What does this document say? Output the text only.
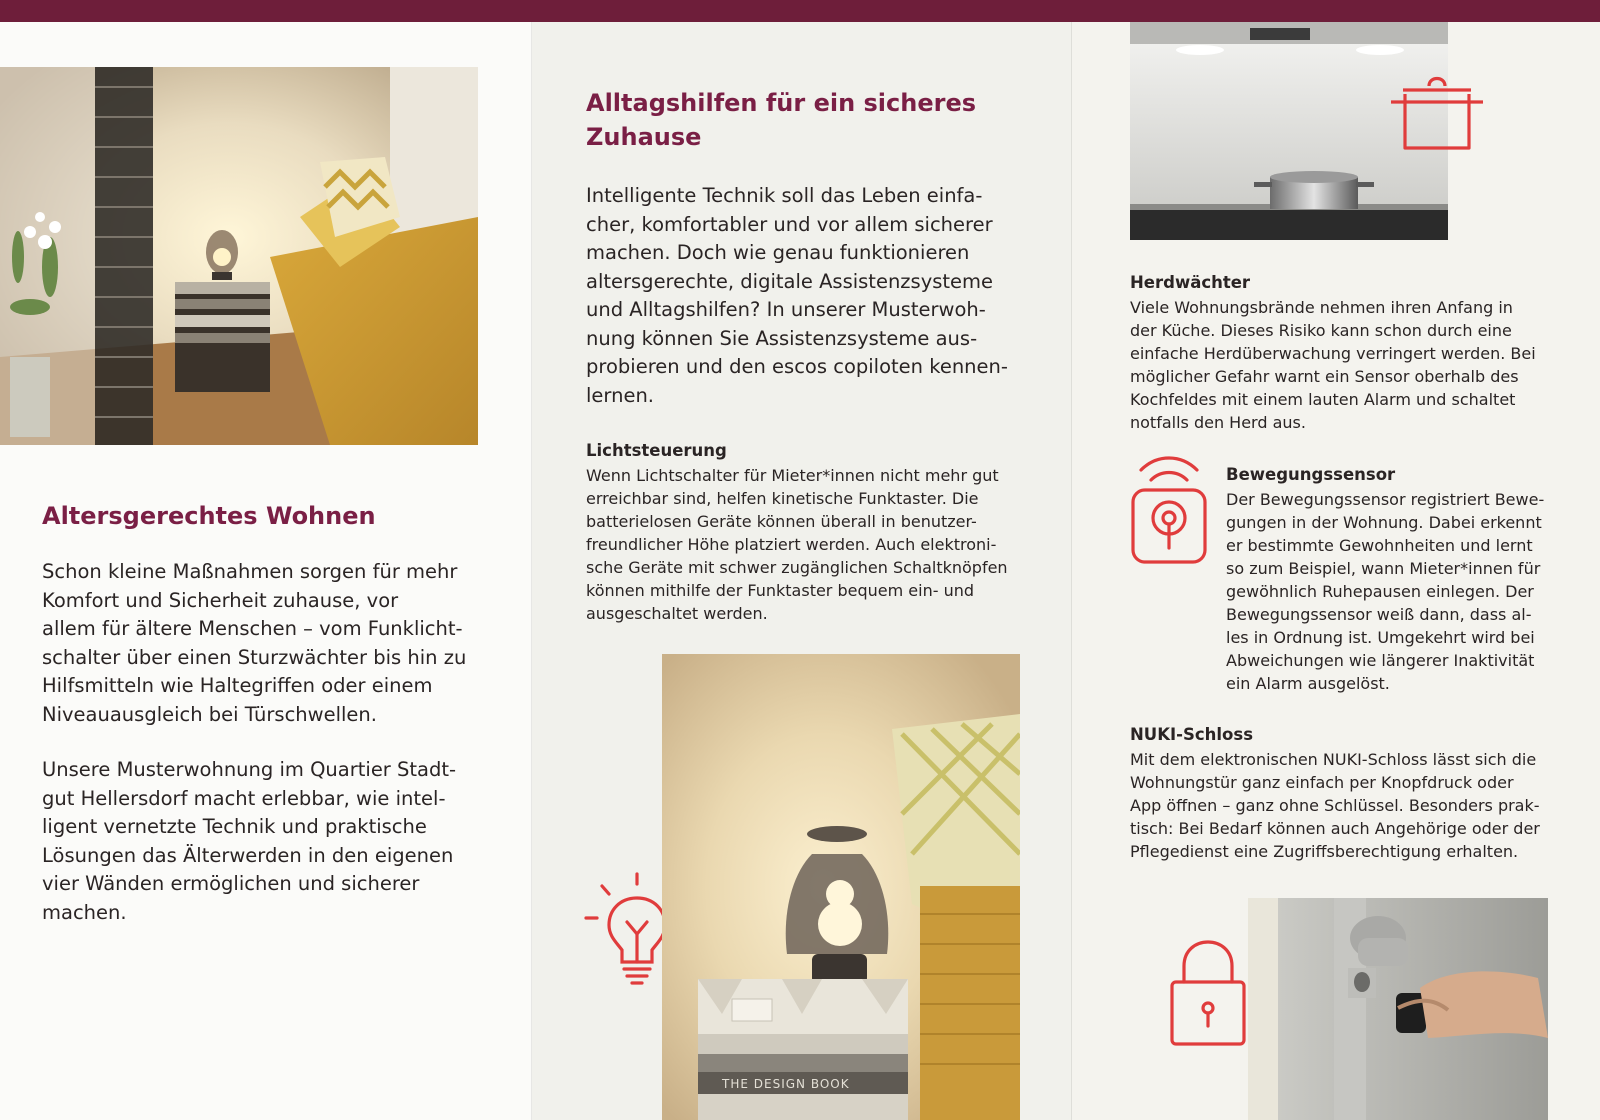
Altersgerechtes Wohnen
Schon kleine Maßnahmen sorgen für mehr
Komfort und Sicherheit zuhause, vor
allem für ältere Menschen – vom Funklicht-
schalter über einen Sturzwächter bis hin zu
Hilfsmitteln wie Haltegriffen oder einem
Niveauausgleich bei Türschwellen.
Unsere Musterwohnung im Quartier Stadt-
gut Hellersdorf macht erlebbar, wie intel-
ligent vernetzte Technik und praktische
Lösungen das Älterwerden in den eigenen
vier Wänden ermöglichen und sicherer
machen.
Alltagshilfen für ein sicheres
Zuhause
Intelligente Technik soll das Leben einfa-
cher, komfortabler und vor allem sicherer
machen. Doch wie genau funktionieren
altersgerechte, digitale Assistenzsysteme
und Alltagshilfen? In unserer Musterwoh-
nung können Sie Assistenzsysteme aus-
probieren und den escos copiloten kennen-
lernen.
Lichtsteuerung
Wenn Lichtschalter für Mieter*innen nicht mehr gut
erreichbar sind, helfen kinetische Funktaster. Die
batterielosen Geräte können überall in benutzer-
freundlicher Höhe platziert werden. Auch elektroni-
sche Geräte mit schwer zugänglichen Schaltknöpfen
können mithilfe der Funktaster bequem ein- und
ausgeschaltet werden.
THE DESIGN BOOK
Herdwächter
Viele Wohnungsbrände nehmen ihren Anfang in
der Küche. Dieses Risiko kann schon durch eine
einfache Herdüberwachung verringert werden. Bei
möglicher Gefahr warnt ein Sensor oberhalb des
Kochfeldes mit einem lauten Alarm und schaltet
notfalls den Herd aus.
Bewegungssensor
Der Bewegungssensor registriert Bewe-
gungen in der Wohnung. Dabei erkennt
er bestimmte Gewohnheiten und lernt
so zum Beispiel, wann Mieter*innen für
gewöhnlich Ruhepausen einlegen. Der
Bewegungssensor weiß dann, dass al-
les in Ordnung ist. Umgekehrt wird bei
Abweichungen wie längerer Inaktivität
ein Alarm ausgelöst.
NUKI-Schloss
Mit dem elektronischen NUKI-Schloss lässt sich die
Wohnungstür ganz einfach per Knopfdruck oder
App öffnen – ganz ohne Schlüssel. Besonders prak-
tisch: Bei Bedarf können auch Angehörige oder der
Pflegedienst eine Zugriffsberechtigung erhalten.
